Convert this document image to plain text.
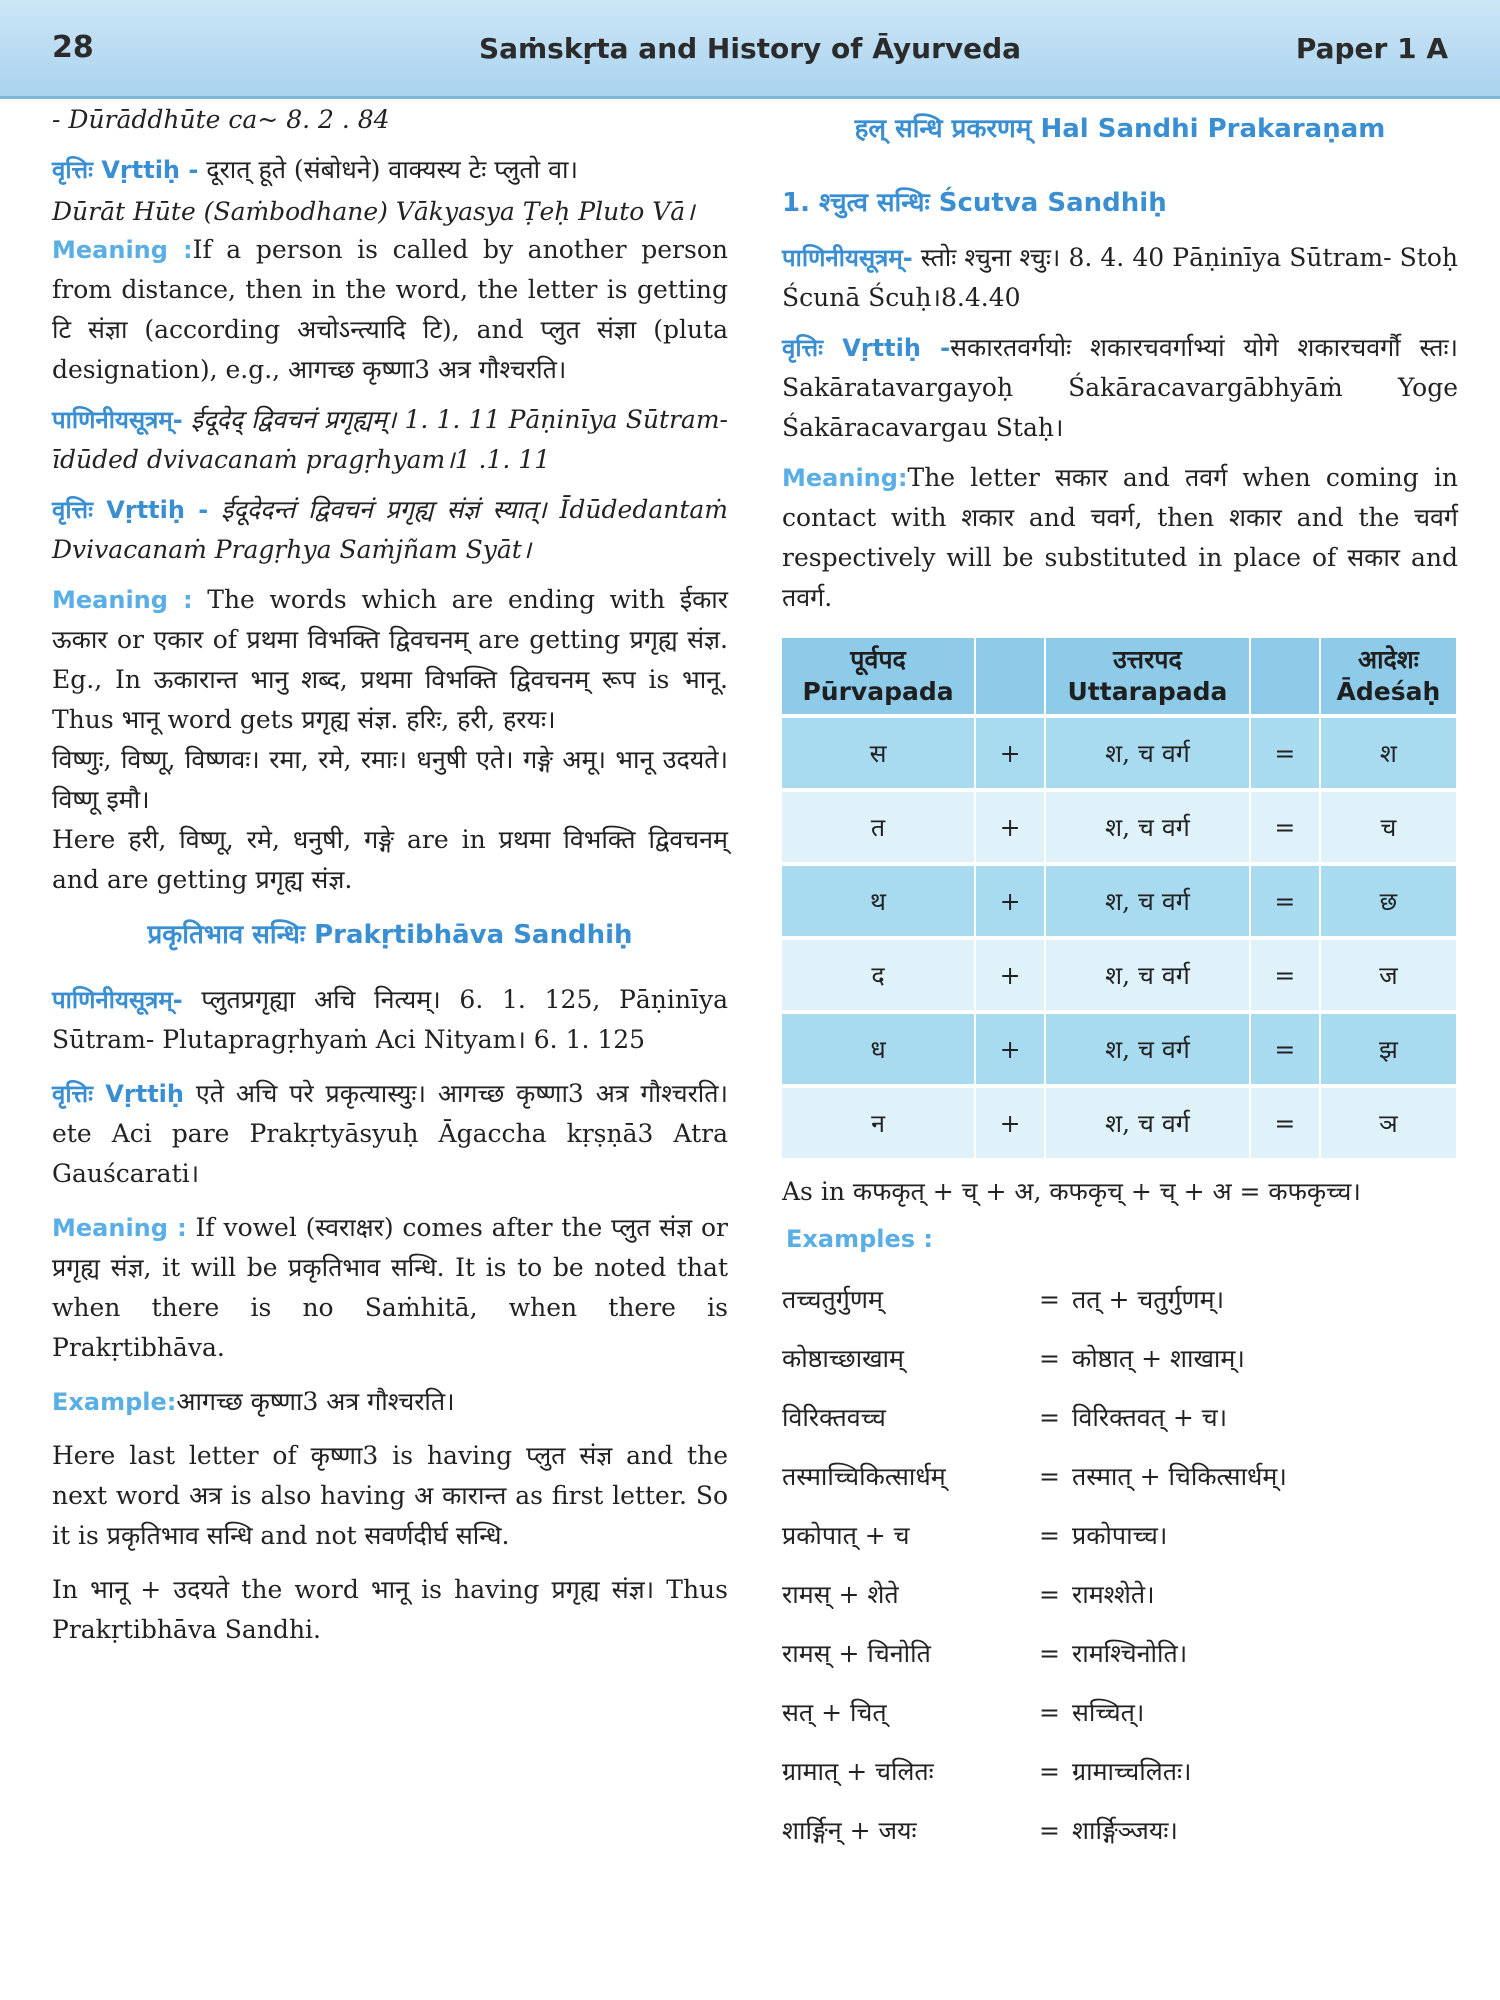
28	Saṁskṛta and History of Āyurveda	Paper 1 A

- Dūrāddhūte ca~ 8. 2 . 84

वृत्तिः Vṛttiḥ - दूरात् हूते (संबोधने) वाक्यस्य टेः प्लुतो वा।

Dūrāt Hūte (Saṁbodhane) Vākyasya Ṭeḥ Pluto Vā।

Meaning :If a person is called by another person from distance, then in the word, the letter is getting टि संज्ञा (according अचोऽन्त्यादि टि), and प्लुत संज्ञा (pluta designation), e.g., आगच्छ कृष्णा3 अत्र गौश्चरति।

पाणिनीयसूत्रम्- ईदूदेद् द्विवचनं प्रगृह्यम्। 1. 1. 11 Pāṇinīya Sūtram- īdūded dvivacanaṁ pragṛhyam।1 .1. 11

वृत्तिः Vṛttiḥ - ईदूदेदन्तं द्विवचनं प्रगृह्य संज्ञं स्यात्। Īdūdedantaṁ Dvivacanaṁ Pragṛhya Saṁjñam Syāt।

Meaning : The words which are ending with ईकार ऊकार or एकार of प्रथमा विभक्ति द्विवचनम् are getting प्रगृह्य संज्ञ. Eg., In ऊकारान्त भानु शब्द, प्रथमा विभक्ति द्विवचनम् रूप is भानू. Thus भानू word gets प्रगृह्य संज्ञ. हरिः, हरी, हरयः।

विष्णुः, विष्णू, विष्णवः। रमा, रमे, रमाः। धनुषी एते। गङ्गे अमू। भानू उदयते। विष्णू इमौ।

Here हरी, विष्णू, रमे, धनुषी, गङ्गे are in प्रथमा विभक्ति द्विवचनम् and are getting प्रगृह्य संज्ञ.

प्रकृतिभाव सन्धिः Prakṛtibhāva Sandhiḥ

पाणिनीयसूत्रम्- प्लुतप्रगृह्या अचि नित्यम्। 6. 1. 125, Pāṇinīya Sūtram- Plutapragṛhyaṁ Aci Nityam। 6. 1. 125

वृत्तिः Vṛttiḥ एते अचि परे प्रकृत्यास्युः। आगच्छ कृष्णा3 अत्र गौश्चरति। ete Aci pare Prakṛtyāsyuḥ Āgaccha kṛṣṇā3 Atra Gauścarati।

Meaning : If vowel (स्वराक्षर) comes after the प्लुत संज्ञ or प्रगृह्य संज्ञ, it will be प्रकृतिभाव सन्धि. It is to be noted that when there is no Saṁhitā, when there is Prakṛtibhāva.

Example:आगच्छ कृष्णा3 अत्र गौश्चरति।

Here last letter of कृष्णा3 is having प्लुत संज्ञ and the next word अत्र is also having अ कारान्त as first letter. So it is प्रकृतिभाव सन्धि and not सवर्णदीर्घ सन्धि.

In भानू + उदयते the word भानू is having प्रगृह्य संज्ञ। Thus Prakṛtibhāva Sandhi.

हल् सन्धि प्रकरणम् Hal Sandhi Prakaraṇam
1. श्चुत्व सन्धिः Ścutva Sandhiḥ

पाणिनीयसूत्रम्- स्तोः श्चुना श्चुः। 8. 4. 40 Pāṇinīya Sūtram- Stoḥ Ścunā Ścuḥ।8.4.40

वृत्तिः Vṛttiḥ -सकारतवर्गयोः शकारचवर्गाभ्यां योगे शकारचवर्गौ स्तः। Sakāratavargayoḥ Śakāracavargābhyāṁ Yoge Śakāracavargau Staḥ।

Meaning:The letter सकार and तवर्ग when coming in contact with शकार and चवर्ग, then शकार and the चवर्ग respectively will be substituted in place of सकार and तवर्ग.

पूर्वपद
Pūrvapada		उत्तरपद
Uttarapada		आदेशः
Ādeśaḥ
स	+	श, च वर्ग	=	श
त	+	श, च वर्ग	=	च
थ	+	श, च वर्ग	=	छ
द	+	श, च वर्ग	=	ज
ध	+	श, च वर्ग	=	झ
न	+	श, च वर्ग	=	ञ

As in कफकृत् + च् + अ, कफकृच् + च् + अ = कफकृच्च।

Examples :
तच्चतुर्गुणम्	= तत् + चतुर्गुणम्।
कोष्ठाच्छाखाम्	= कोष्ठात् + शाखाम्।
विरिक्तवच्च	= विरिक्तवत् + च।
तस्माच्चिकित्सार्धम्	= तस्मात् + चिकित्सार्धम्।
प्रकोपात् + च	= प्रकोपाच्च।
रामस् + शेते	= रामश्शेते।
रामस् + चिनोति	= रामश्चिनोति।
सत् + चित्	= सच्चित्।
ग्रामात् + चलितः	= ग्रामाच्चलितः।
शार्ङ्गिन् + जयः	= शार्ङ्गिञ्जयः।
